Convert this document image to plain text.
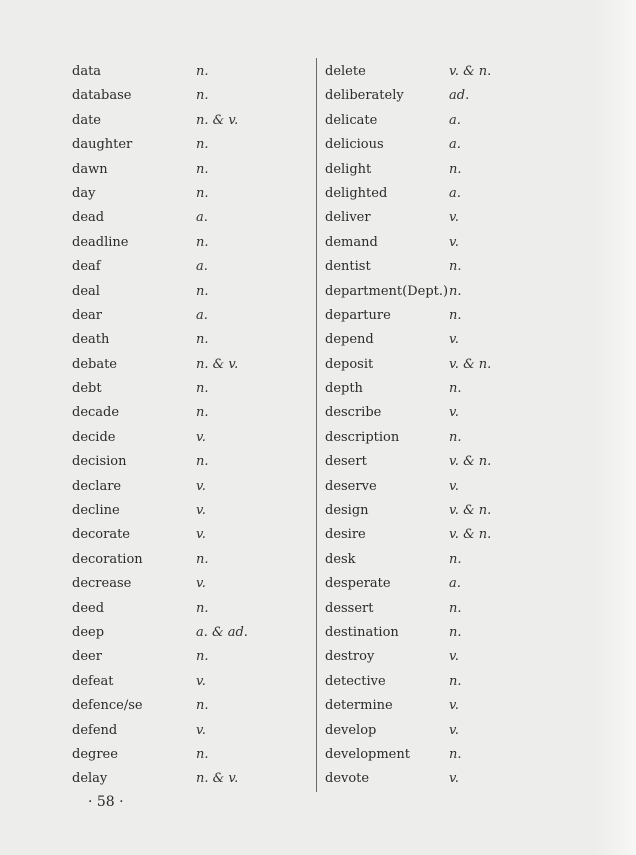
data	n.
database	n.
date	n. & v.
daughter	n.
dawn	n.
day	n.
dead	a.
deadline	n.
deaf	a.
deal	n.
dear	a.
death	n.
debate	n. & v.
debt	n.
decade	n.
decide	v.
decision	n.
declare	v.
decline	v.
decorate	v.
decoration	n.
decrease	v.
deed	n.
deep	a. & ad.
deer	n.
defeat	v.
defence/se	n.
defend	v.
degree	n.
delay	n. & v.
delete	v. & n.
deliberately	ad.
delicate	a.
delicious	a.
delight	n.
delighted	a.
deliver	v.
demand	v.
dentist	n.
department(Dept.) n.
departure	n.
depend	v.
deposit	v. & n.
depth	n.
describe	v.
description	n.
desert	v. & n.
deserve	v.
design	v. & n.
desire	v. & n.
desk	n.
desperate	a.
dessert	n.
destination	n.
destroy	v.
detective	n.
determine	v.
develop	v.
development	n.
devote	v.
· 58 ·
